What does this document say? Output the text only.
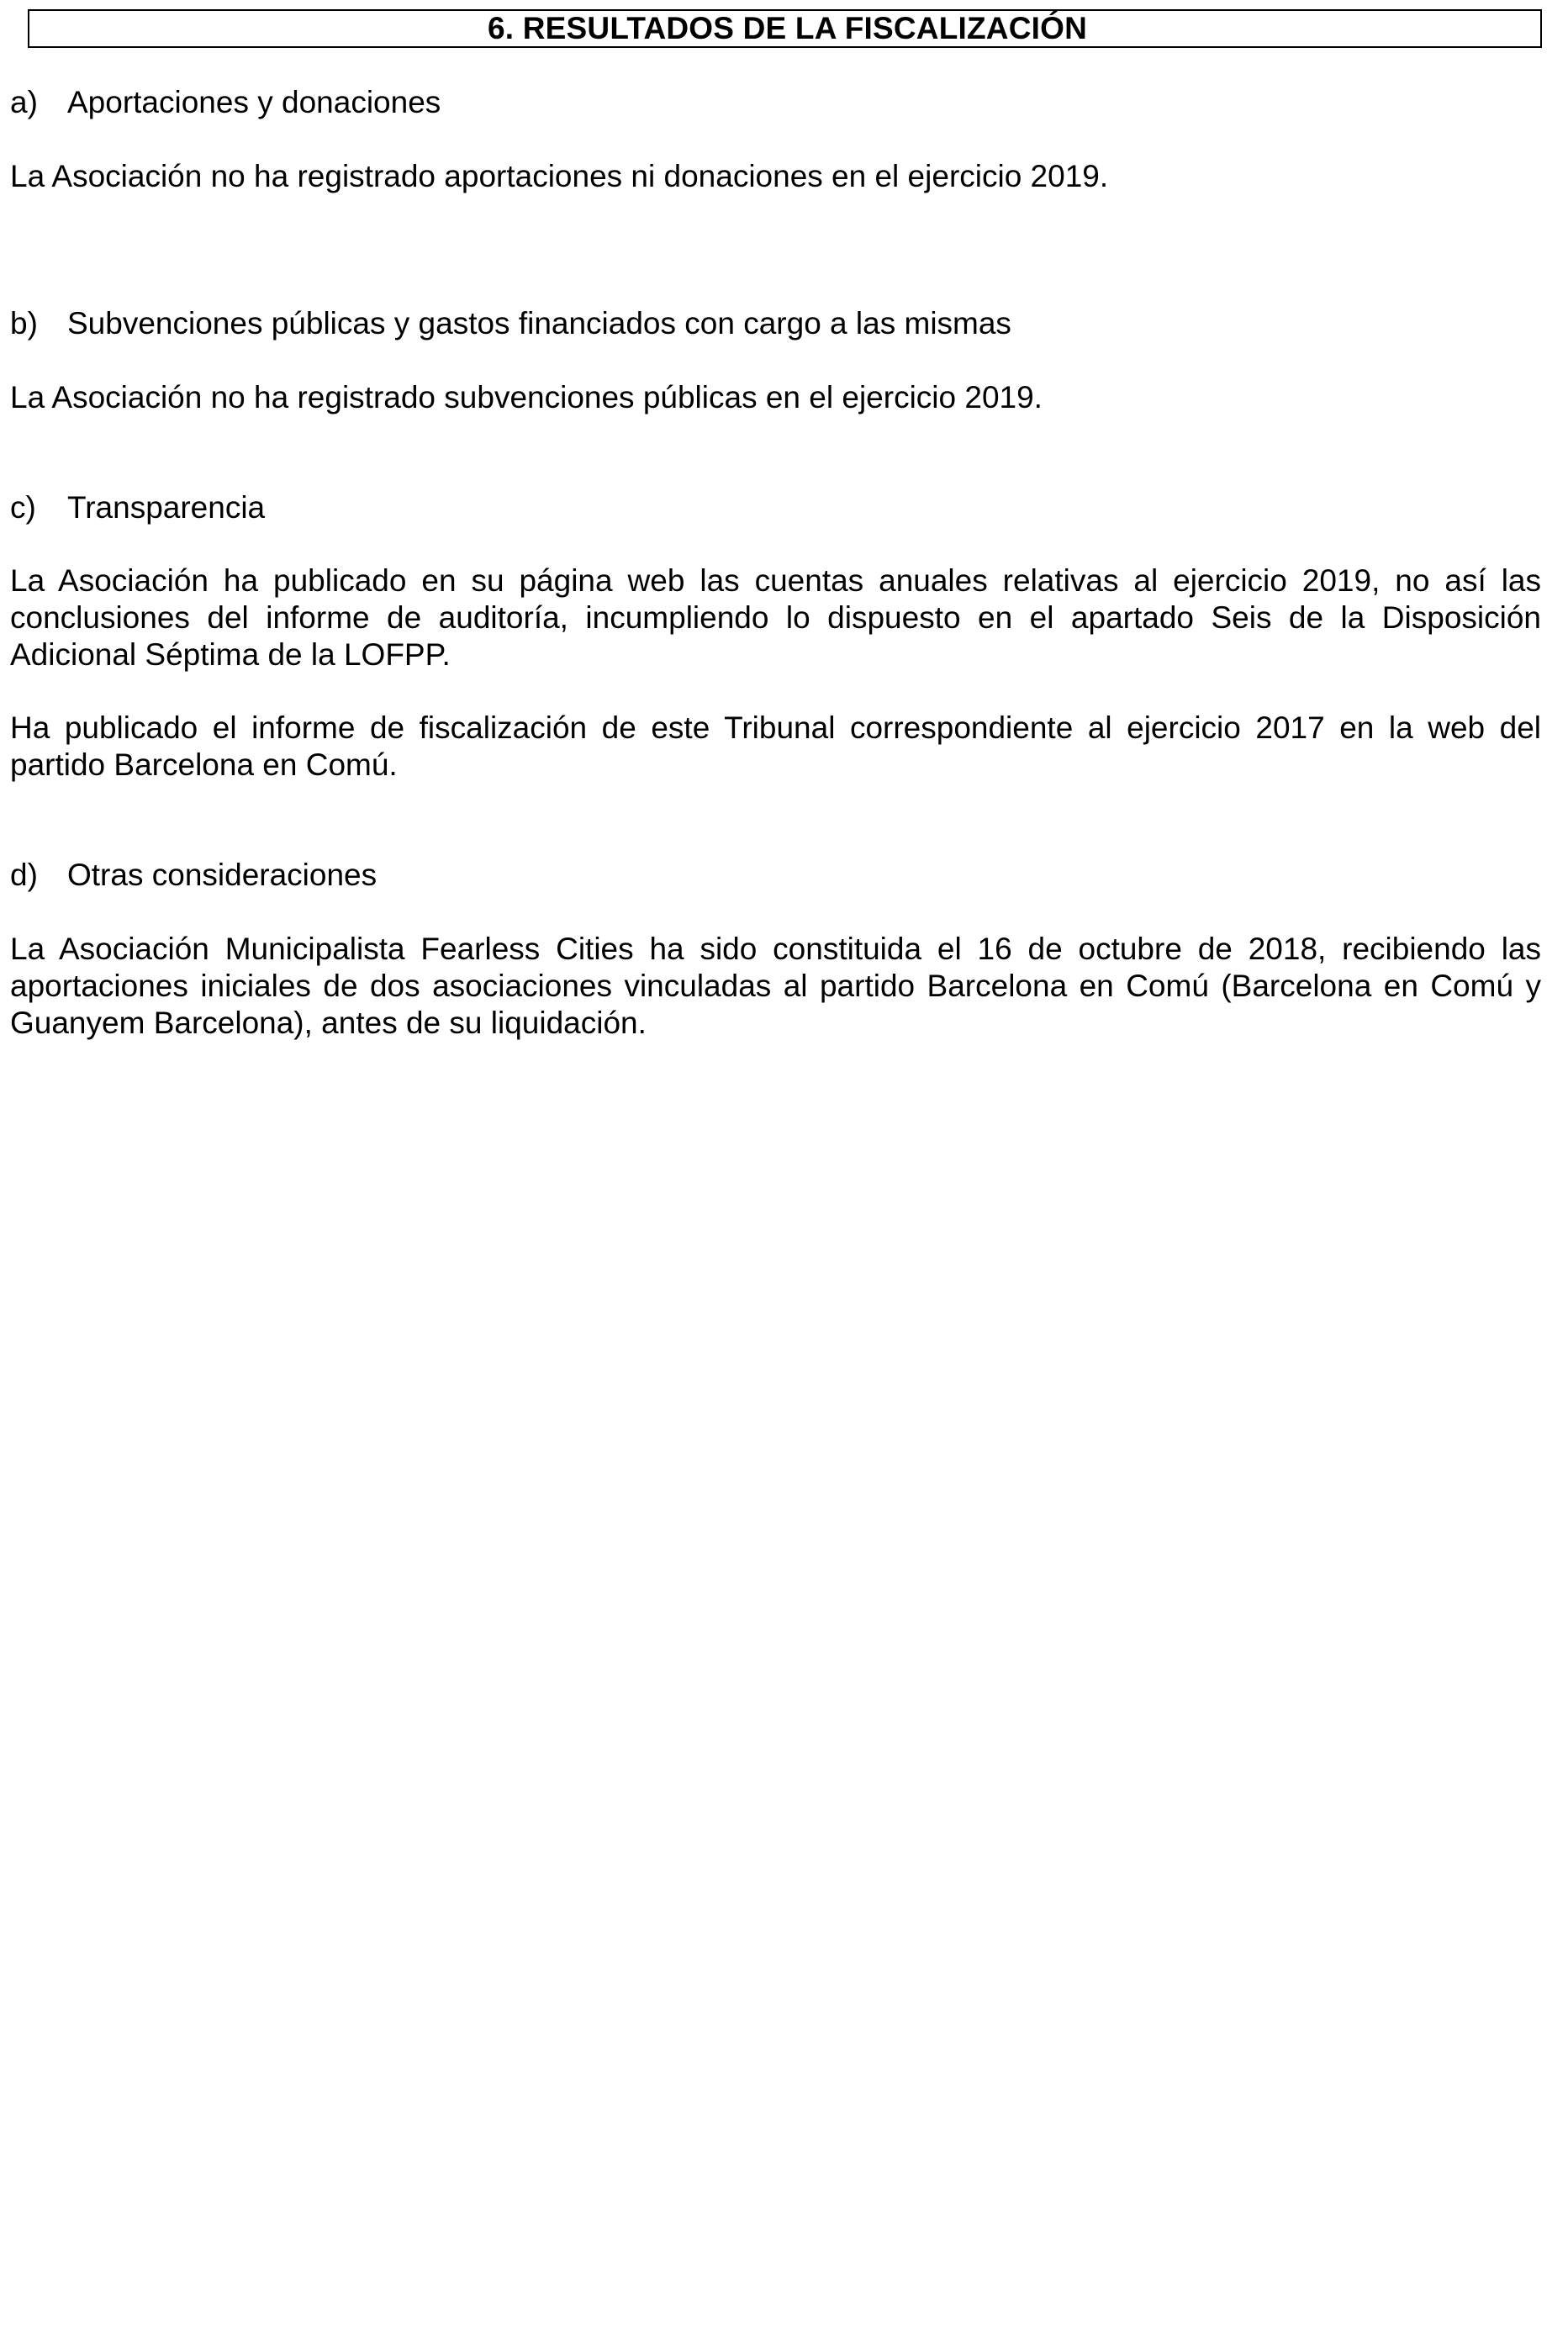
6. RESULTADOS DE LA FISCALIZACIÓN
a) Aportaciones y donaciones

La Asociación no ha registrado aportaciones ni donaciones en el ejercicio 2019.

b) Subvenciones públicas y gastos financiados con cargo a las mismas

La Asociación no ha registrado subvenciones públicas en el ejercicio 2019.

c) Transparencia

La Asociación ha publicado en su página web las cuentas anuales relativas al ejercicio 2019, no así las conclusiones del informe de auditoría, incumpliendo lo dispuesto en el apartado Seis de la Disposición Adicional Séptima de la LOFPP.

Ha publicado el informe de fiscalización de este Tribunal correspondiente al ejercicio 2017 en la web del partido Barcelona en Comú.

d) Otras consideraciones

La Asociación Municipalista Fearless Cities ha sido constituida el 16 de octubre de 2018, recibiendo las aportaciones iniciales de dos asociaciones vinculadas al partido Barcelona en Comú (Barcelona en Comú y Guanyem Barcelona), antes de su liquidación.
